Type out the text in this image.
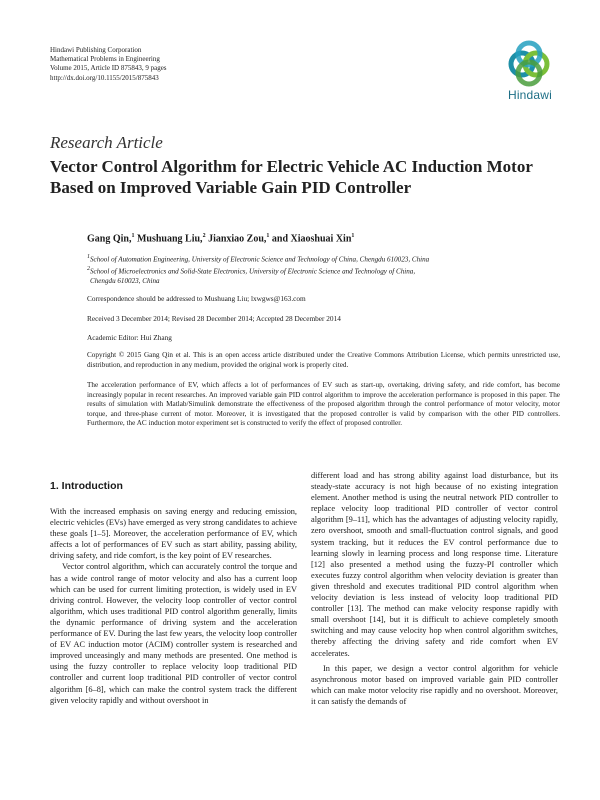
Hindawi Publishing Corporation
Mathematical Problems in Engineering
Volume 2015, Article ID 875843, 9 pages
http://dx.doi.org/10.1155/2015/875843
Hindawi
Research Article
Vector Control Algorithm for Electric Vehicle AC Induction Motor Based on Improved Variable Gain PID Controller
Gang Qin,$^1$ Mushuang Liu,$^2$ Jianxiao Zou,$^1$ and Xiaoshuai Xin$^1$
$^1$School of Automation Engineering, University of Electronic Science and Technology of China, Chengdu 610023, China
$^2$School of Microelectronics and Solid-State Electronics, University of Electronic Science and Technology of China,
Chengdu 610023, China
Correspondence should be addressed to Mushuang Liu; lxwgws@163.com
Received 3 December 2014; Revised 28 December 2014; Accepted 28 December 2014
Academic Editor: Hui Zhang
Copyright © 2015 Gang Qin et al. This is an open access article distributed under the Creative Commons Attribution License, which permits unrestricted use, distribution, and reproduction in any medium, provided the original work is properly cited.
The acceleration performance of EV, which affects a lot of performances of EV such as start-up, overtaking, driving safety, and ride comfort, has become increasingly popular in recent researches. An improved variable gain PID control algorithm to improve the acceleration performance is proposed in this paper. The results of simulation with Matlab/Simulink demonstrate the effectiveness of the proposed algorithm through the control performance of motor velocity, motor torque, and three-phase current of motor. Moreover, it is investigated that the proposed controller is valid by comparison with the other PID controllers. Furthermore, the AC induction motor experiment set is constructed to verify the effect of proposed controller.
1. Introduction

With the increased emphasis on saving energy and reducing emission, electric vehicles (EVs) have emerged as very strong candidates to achieve these goals [1–5]. Moreover, the acceleration performance of EV, which affects a lot of performances of EV such as start ability, passing ability, driving safety, and ride comfort, is the key point of EV researches.

Vector control algorithm, which can accurately control the torque and has a wide control range of motor velocity and also has a current loop which can be used for current limiting protection, is widely used in EV driving control. However, the velocity loop controller of vector control algorithm, which uses traditional PID control algorithm generally, limits the dynamic performance of driving system and the acceleration performance of EV. During the last few years, the velocity loop controller of EV AC induction motor (ACIM) controller system is researched and improved unceasingly and many methods are presented. One method is using the fuzzy controller to replace velocity loop traditional PID controller and current loop traditional PID controller of vector control algorithm [6–8], which can make the control system track the different given velocity rapidly and without overshoot in

different load and has strong ability against load disturbance, but its steady-state accuracy is not high because of no existing integration element. Another method is using the neutral network PID controller to replace velocity loop traditional PID controller of vector control algorithm [9–11], which has the advantages of adjusting velocity rapidly, zero overshoot, smooth and small-fluctuation control signals, and good system tracking, but it reduces the EV control performance due to learning slowly in learning process and long response time. Literature [12] also presented a method using the fuzzy-PI controller which executes fuzzy control algorithm when velocity deviation is greater than given threshold and executes traditional PID control algorithm when velocity deviation is less instead of velocity loop traditional PID controller [13]. The method can make velocity response rapidly with small overshoot [14], but it is difficult to achieve completely smooth switching and may cause velocity hop when control algorithm switches, thereby affecting the driving safety and ride comfort when EV accelerates.

In this paper, we design a vector control algorithm for vehicle asynchronous motor based on improved variable gain PID controller which can make motor velocity rise rapidly and no overshoot. Moreover, it can satisfy the demands of
